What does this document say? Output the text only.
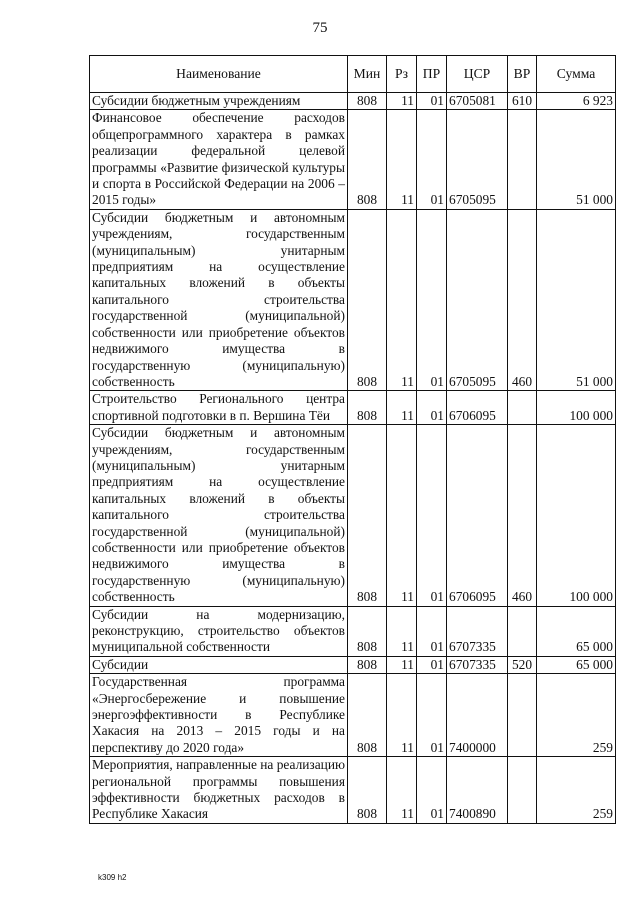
75
Наименование	Мин	Рз	ПР	ЦСР	ВР	Сумма
Субсидии бюджетным учреждениям	808	11	01	6705081	610	6 923
Финансовое обеспечение расходов общепрограммного характера в рамках реализации федеральной целевой программы «Развитие физической культуры и спорта в Российской Федерации на 2006 – 2015 годы»	808	11	01	6705095		51 000
Субсидии бюджетным и автономным учреждениям, государственным (муниципальным) унитарным предприятиям на осуществление капитальных вложений в объекты капитального строительства государственной (муниципальной) собственности или приобретение объектов недвижимого имущества в государственную (муниципальную) собственность	808	11	01	6705095	460	51 000
Строительство Регионального центра спортивной подготовки в п. Вершина Тёи	808	11	01	6706095		100 000
Субсидии бюджетным и автономным учреждениям, государственным (муниципальным) унитарным предприятиям на осуществление капитальных вложений в объекты капитального строительства государственной (муниципальной) собственности или приобретение объектов недвижимого имущества в государственную (муниципальную) собственность	808	11	01	6706095	460	100 000
Субсидии на модернизацию, реконструкцию, строительство объектов муниципальной собственности	808	11	01	6707335		65 000
Субсидии	808	11	01	6707335	520	65 000
Государственная программа «Энергосбережение и повышение энергоэффективности в Республике Хакасия на 2013 – 2015 годы и на перспективу до 2020 года»	808	11	01	7400000		259
Мероприятия, направленные на реализацию региональной программы повышения эффективности бюджетных расходов в Республике Хакасия	808	11	01	7400890		259
k309 h2
